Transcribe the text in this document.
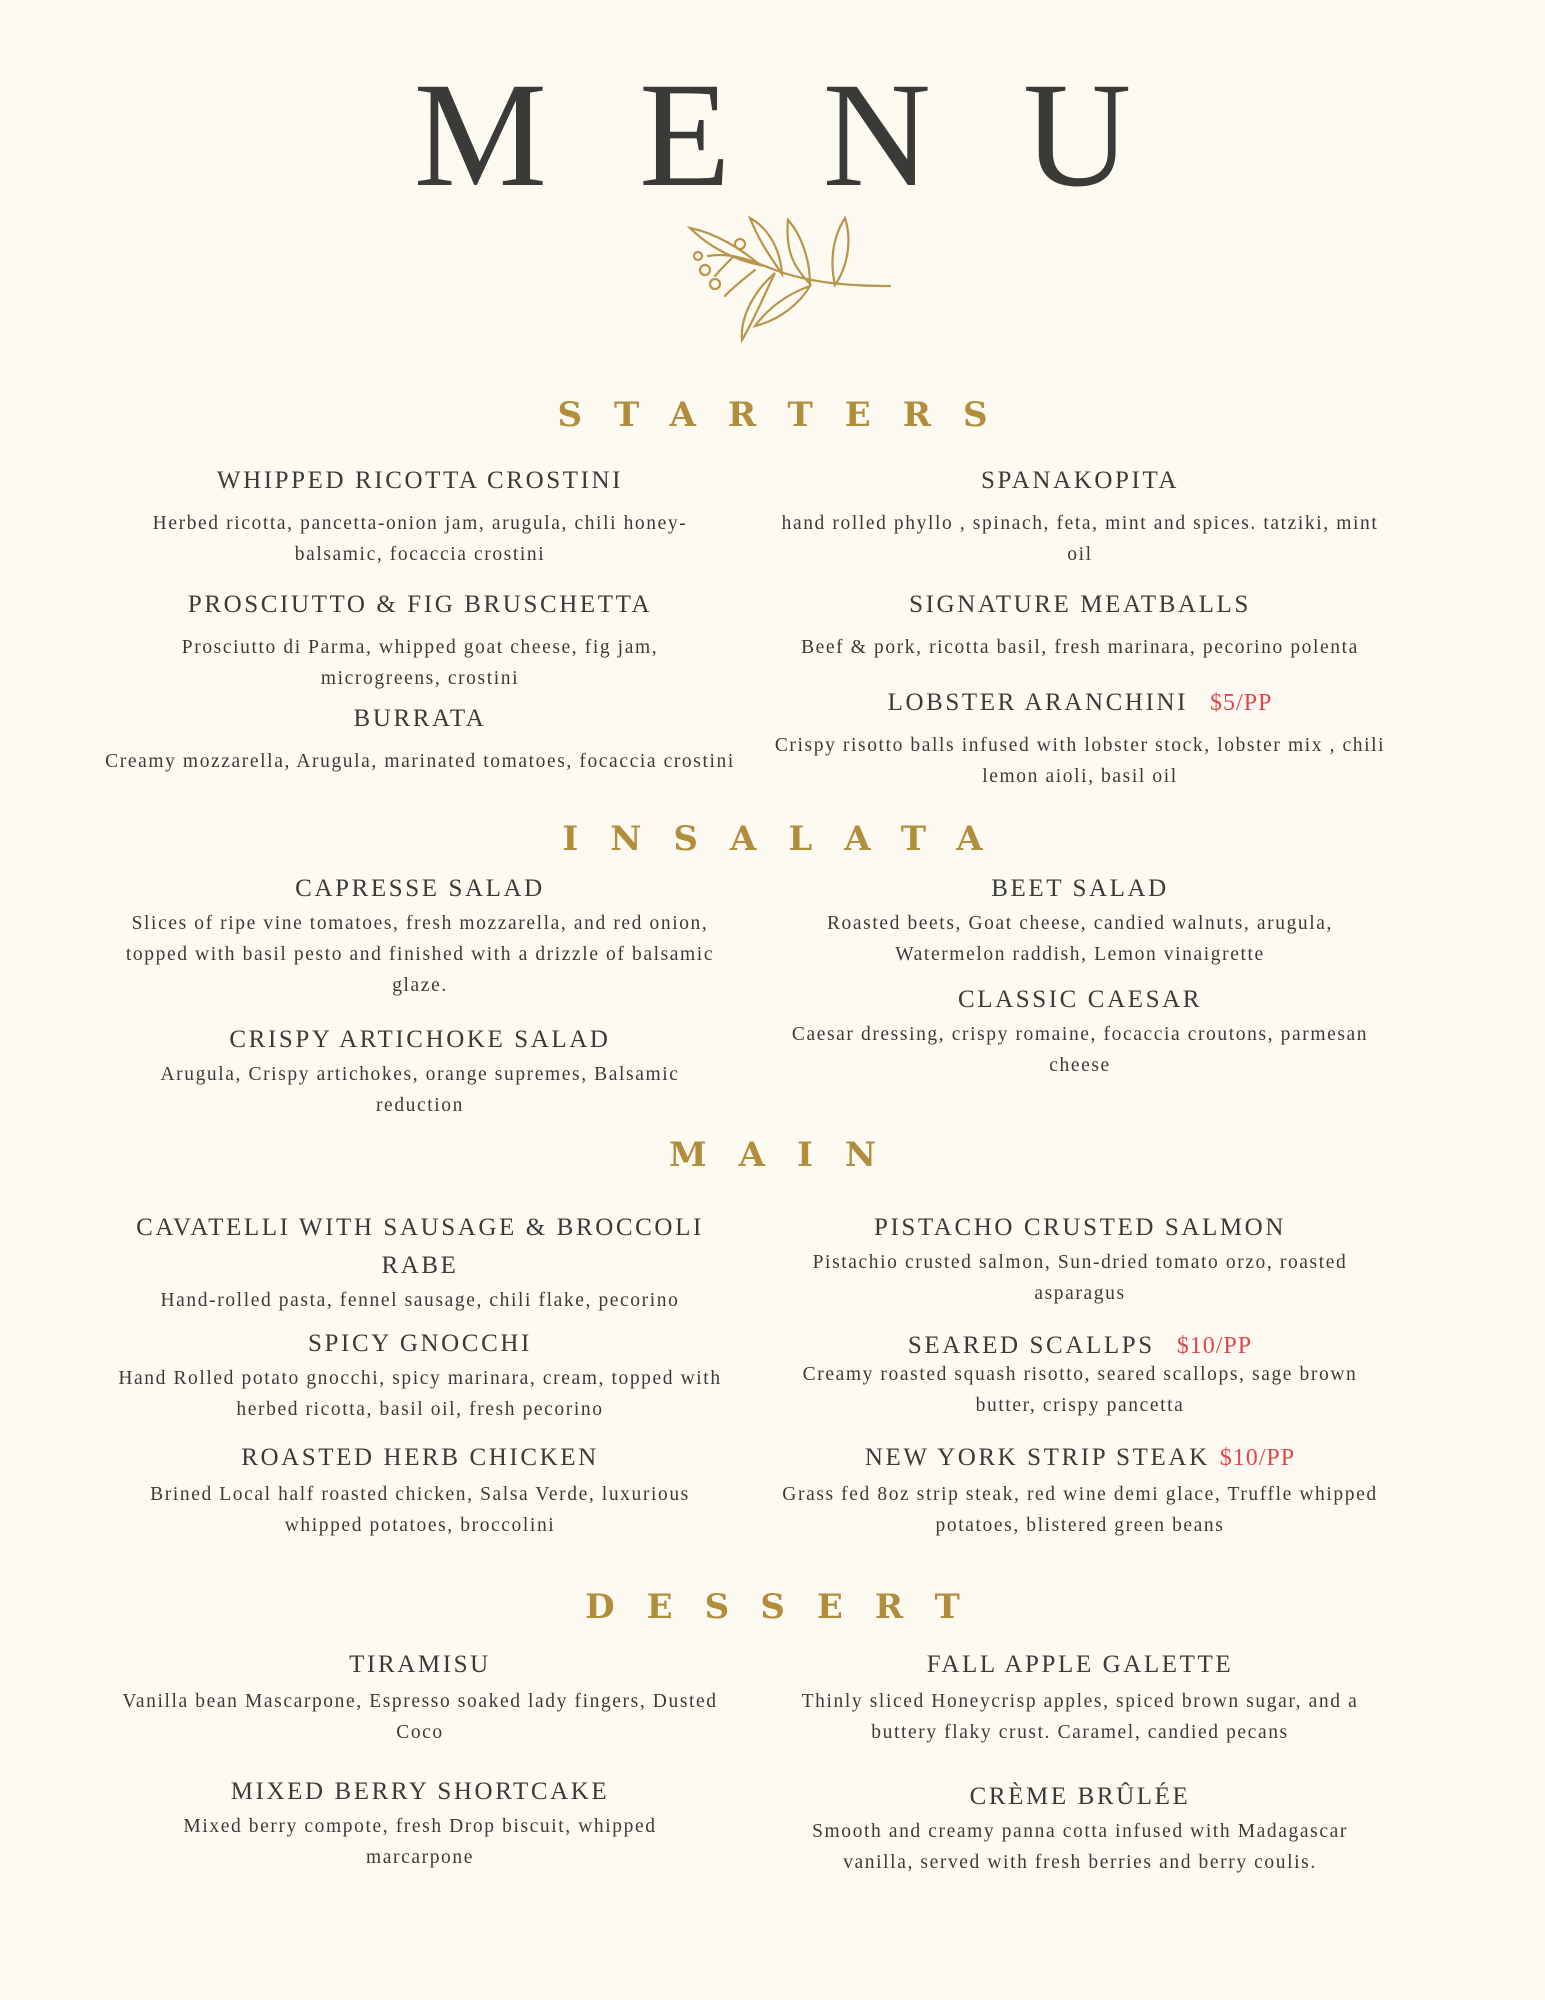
MENU
STARTERS
WHIPPED RICOTTA CROSTINI
Herbed ricotta, pancetta-onion jam, arugula, chili honey-balsamic, focaccia crostini
SPANAKOPITA
hand rolled phyllo , spinach, feta, mint and spices. tatziki, mint oil
PROSCIUTTO & FIG BRUSCHETTA
Prosciutto di Parma, whipped goat cheese, fig jam, microgreens, crostini
SIGNATURE MEATBALLS
Beef & pork, ricotta basil, fresh marinara, pecorino polenta
BURRATA
Creamy mozzarella, Arugula, marinated tomatoes, focaccia crostini
LOBSTER ARANCHINI $5/PP
Crispy risotto balls infused with lobster stock, lobster mix , chili lemon aioli, basil oil
INSALATA
CAPRESSE SALAD
Slices of ripe vine tomatoes, fresh mozzarella, and red onion, topped with basil pesto and finished with a drizzle of balsamic glaze.
BEET SALAD
Roasted beets, Goat cheese, candied walnuts, arugula, Watermelon raddish, Lemon vinaigrette
CLASSIC CAESAR
Caesar dressing, crispy romaine, focaccia croutons, parmesan cheese
CRISPY ARTICHOKE SALAD
Arugula, Crispy artichokes, orange supremes, Balsamic reduction
MAIN
CAVATELLI WITH SAUSAGE & BROCCOLI RABE
Hand-rolled pasta, fennel sausage, chili flake, pecorino
PISTACHO CRUSTED SALMON
Pistachio crusted salmon, Sun-dried tomato orzo, roasted asparagus
SPICY GNOCCHI
Hand Rolled potato gnocchi, spicy marinara, cream, topped with herbed ricotta, basil oil, fresh pecorino
SEARED SCALLPS $10/PP
Creamy roasted squash risotto, seared scallops, sage brown butter, crispy pancetta
ROASTED HERB CHICKEN
Brined Local half roasted chicken, Salsa Verde, luxurious whipped potatoes, broccolini
NEW YORK STRIP STEAK $10/PP
Grass fed 8oz strip steak, red wine demi glace, Truffle whipped potatoes, blistered green beans
DESSERT
TIRAMISU
Vanilla bean Mascarpone, Espresso soaked lady fingers, Dusted Coco
FALL APPLE GALETTE
Thinly sliced Honeycrisp apples, spiced brown sugar, and a buttery flaky crust. Caramel, candied pecans
MIXED BERRY SHORTCAKE
Mixed berry compote, fresh Drop biscuit, whipped marcarpone
CRÈME BRÛLÉE
Smooth and creamy panna cotta infused with Madagascar vanilla, served with fresh berries and berry coulis.
